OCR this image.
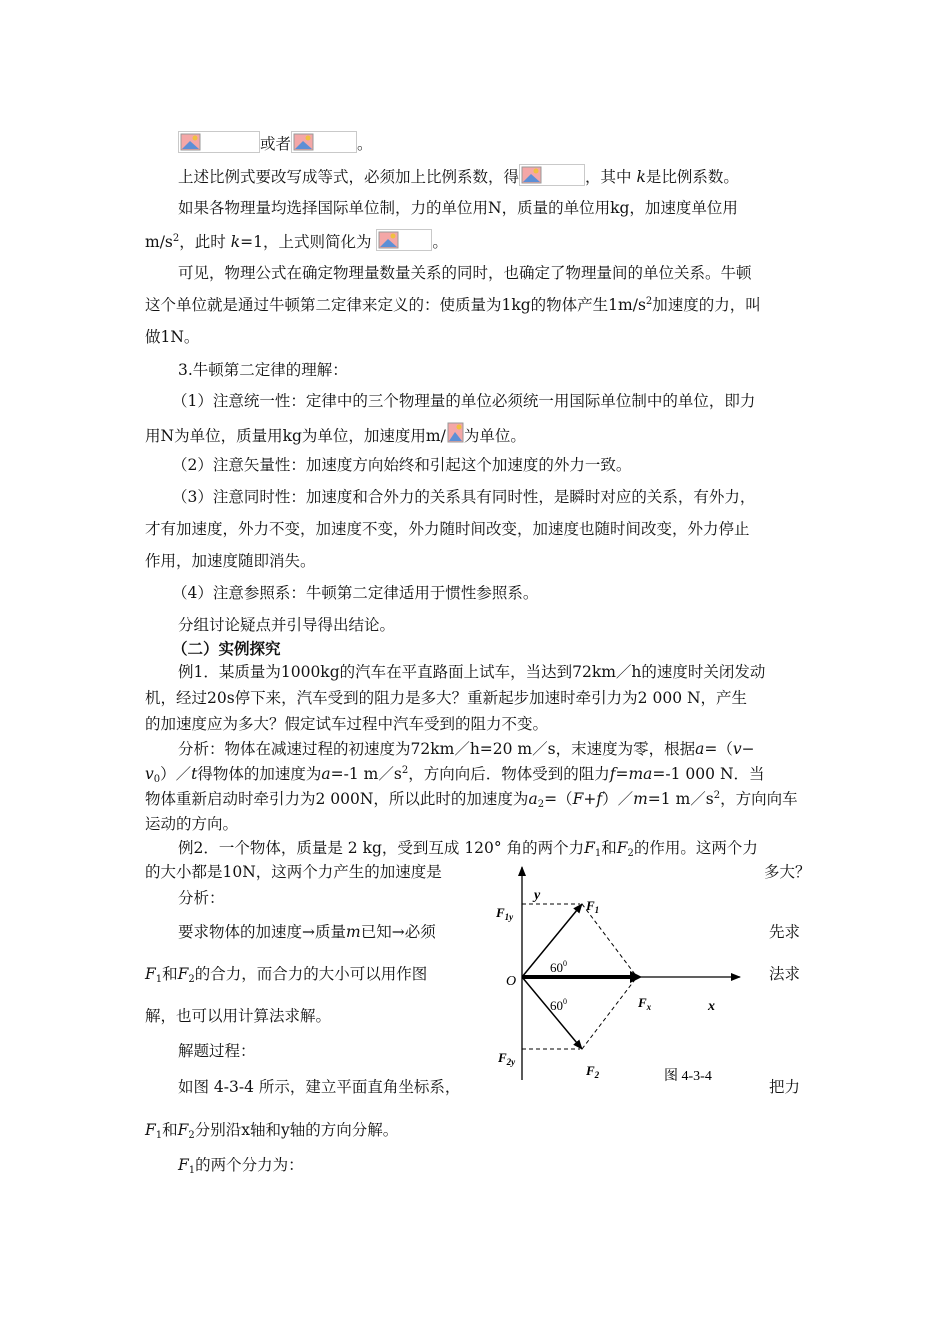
或者	。
上述比例式要改写成等式，必须加上比例系数，得	，其中 k是比例系数。
如果各物理量均选择国际单位制，力的单位用N，质量的单位用kg，加速度单位用
$m/s^2$，此时 k=1，上式则简化为	。
可见，物理公式在确定物理量数量关系的同时，也确定了物理量间的单位关系。牛顿
这个单位就是通过牛顿第二定律来定义的：使质量为1kg的物体产生$1m/s^2$加速度的力，叫
做1N。
3.牛顿第二定律的理解：
（1）注意统一性：定律中的三个物理量的单位必须统一用国际单位制中的单位，即力
用N为单位，质量用kg为单位，加速度用m/ 为单位。
（2）注意矢量性：加速度方向始终和引起这个加速度的外力一致。
（3）注意同时性：加速度和合外力的关系具有同时性，是瞬时对应的关系，有外力，
才有加速度，外力不变，加速度不变，外力随时间改变，加速度也随时间改变，外力停止
作用，加速度随即消失。
（4）注意参照系：牛顿第二定律适用于惯性参照系。
分组讨论疑点并引导得出结论。
（二）实例探究
例1．某质量为1000kg的汽车在平直路面上试车，当达到72km／h的速度时关闭发动
机，经过20s停下来，汽车受到的阻力是多大？重新起步加速时牵引力为2 000 N，产生
的加速度应为多大？假定试车过程中汽车受到的阻力不变。
分析：物体在减速过程的初速度为72km／h=20 m／s，末速度为零，根据a=（v−
$v_0)/t$得物体的加速度为a=-1 $m/s^2$，方向向后．物体受到的阻力f=ma=-1 000 N．当
物体重新启动时牵引力为2 000N，所以此时的加速度为$a_2=(F+f)/m=1$ $m/s^2$，方向向车
运动的方向。
例2．一个物体，质量是 2 kg，受到互成 120° 角的两个力$F_1$和$F_2$的作用。这两个力
的大小都是10N，这两个力产生的加速度是	多大？
分析：
要求物体的加速度→质量m已知→必须	先求
$F_1$和$F_2$的合力，而合力的大小可以用作图	法求
解，也可以用计算法求解。
解题过程：
如图 4-3-4 所示，建立平面直角坐标系，	把力
$F_1$和$F_2$分别沿x轴和y轴的方向分解。
$F_1$的两个分力为：
y
x
O
$F_1$
$F_2$
$F_{1y}$
$F_{2y}$
$F_x$
$60^0$
$60^0$
图 4-3-4
